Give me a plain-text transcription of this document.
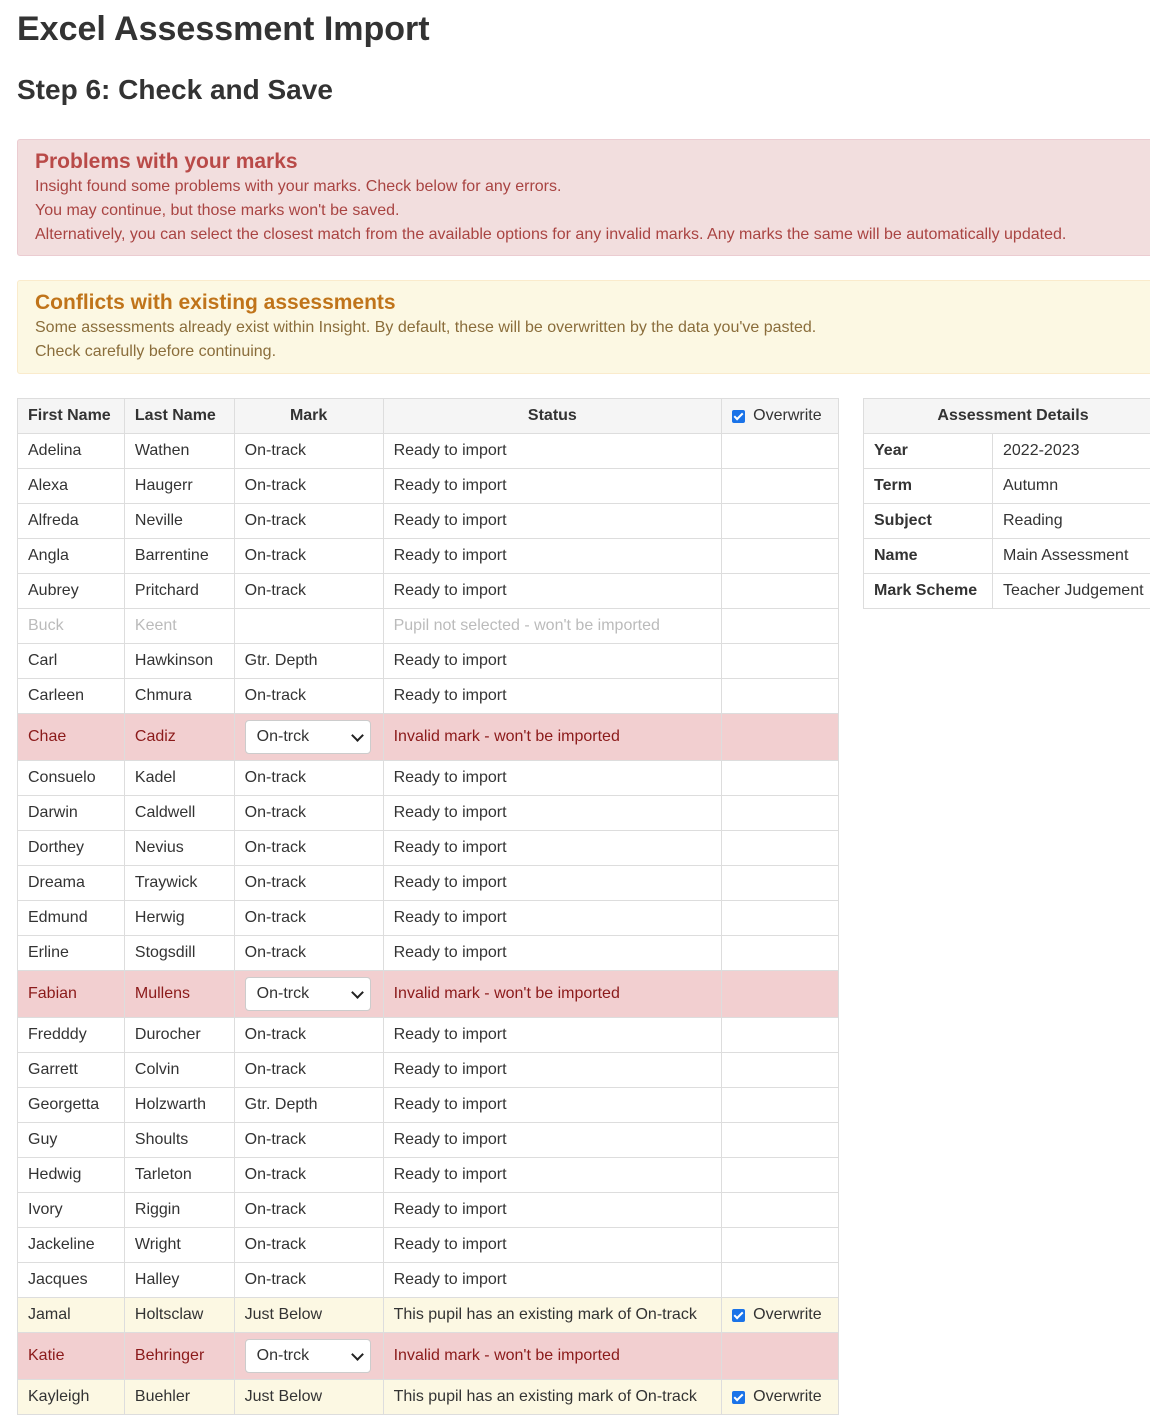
Excel Assessment Import
Step 6: Check and Save
Problems with your marks

Insight found some problems with your marks. Check below for any errors.

You may continue, but those marks won't be saved.

Alternatively, you can select the closest match from the available options for any invalid marks. Any marks the same will be automatically updated.

Conflicts with existing assessments

Some assessments already exist within Insight. By default, these will be overwritten by the data you've pasted.

Check carefully before continuing.

First Name	Last Name	Mark	Status	Overwrite

Adelina	Wathen	On-track	Ready to import	
Alexa	Haugerr	On-track	Ready to import	
Alfreda	Neville	On-track	Ready to import	
Angla	Barrentine	On-track	Ready to import	
Aubrey	Pritchard	On-track	Ready to import	
Buck	Keent		Pupil not selected - won't be imported	
Carl	Hawkinson	Gtr. Depth	Ready to import	
Carleen	Chmura	On-track	Ready to import	
Chae	Cadiz	On-trck	Invalid mark - won't be imported	
Consuelo	Kadel	On-track	Ready to import	
Darwin	Caldwell	On-track	Ready to import	
Dorthey	Nevius	On-track	Ready to import	
Dreama	Traywick	On-track	Ready to import	
Edmund	Herwig	On-track	Ready to import	
Erline	Stogsdill	On-track	Ready to import	
Fabian	Mullens	On-trck	Invalid mark - won't be imported	
Fredddy	Durocher	On-track	Ready to import	
Garrett	Colvin	On-track	Ready to import	
Georgetta	Holzwarth	Gtr. Depth	Ready to import	
Guy	Shoults	On-track	Ready to import	
Hedwig	Tarleton	On-track	Ready to import	
Ivory	Riggin	On-track	Ready to import	
Jackeline	Wright	On-track	Ready to import	
Jacques	Halley	On-track	Ready to import	
Jamal	Holtsclaw	Just Below	This pupil has an existing mark of On-track	Overwrite

Katie	Behringer	On-trck	Invalid mark - won't be imported	
Kayleigh	Buehler	Just Below	This pupil has an existing mark of On-track	Overwrite
Assessment Details	
Year	2022-2023
Term	Autumn
Subject	Reading
Name	Main Assessment
Mark Scheme	Teacher Judgement
